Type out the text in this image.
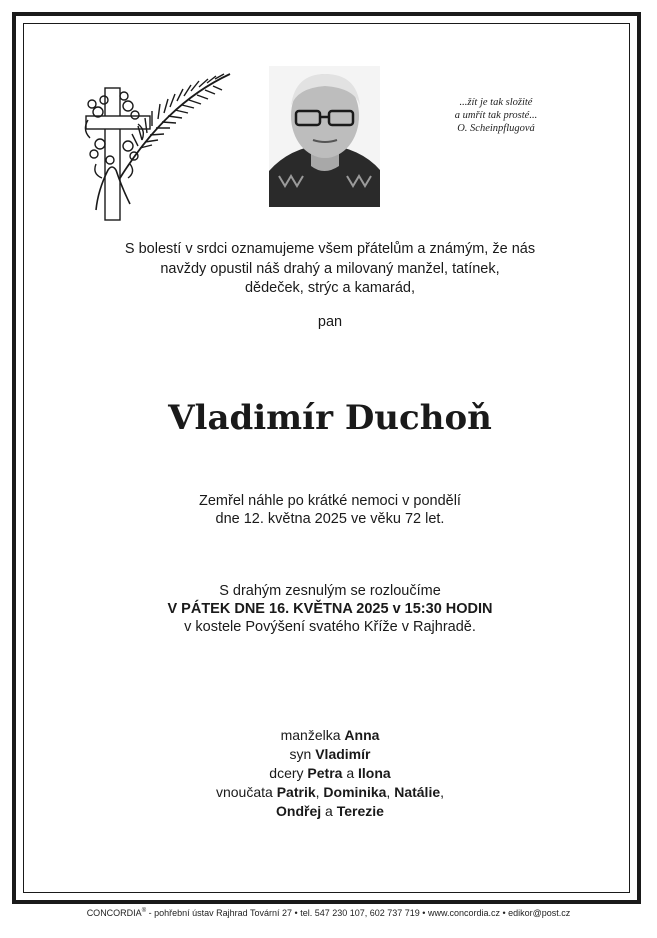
...žít je tak složité
a umřít tak prosté...
O. Scheinpflugová
S bolestí v srdci oznamujeme všem přátelům a známým, že nás
navždy opustil náš drahý a milovaný manžel, tatínek,
dědeček, strýc a kamarád,
pan
Vladimír Duchoň
Zemřel náhle po krátké nemoci v pondělí
dne 12. května 2025 ve věku 72 let.
S drahým zesnulým se rozloučíme
V PÁTEK DNE 16. KVĚTNA 2025 v 15:30 HODIN
v kostele Povýšení svatého Kříže v Rajhradě.
manželka Anna
syn Vladimír
dcery Petra a Ilona
vnoučata Patrik, Dominika, Natálie,
Ondřej a Terezie
CONCORDIA® - pohřební ústav Rajhrad Tovární 27 • tel. 547 230 107, 602 737 719 • www.concordia.cz • edikor@post.cz
